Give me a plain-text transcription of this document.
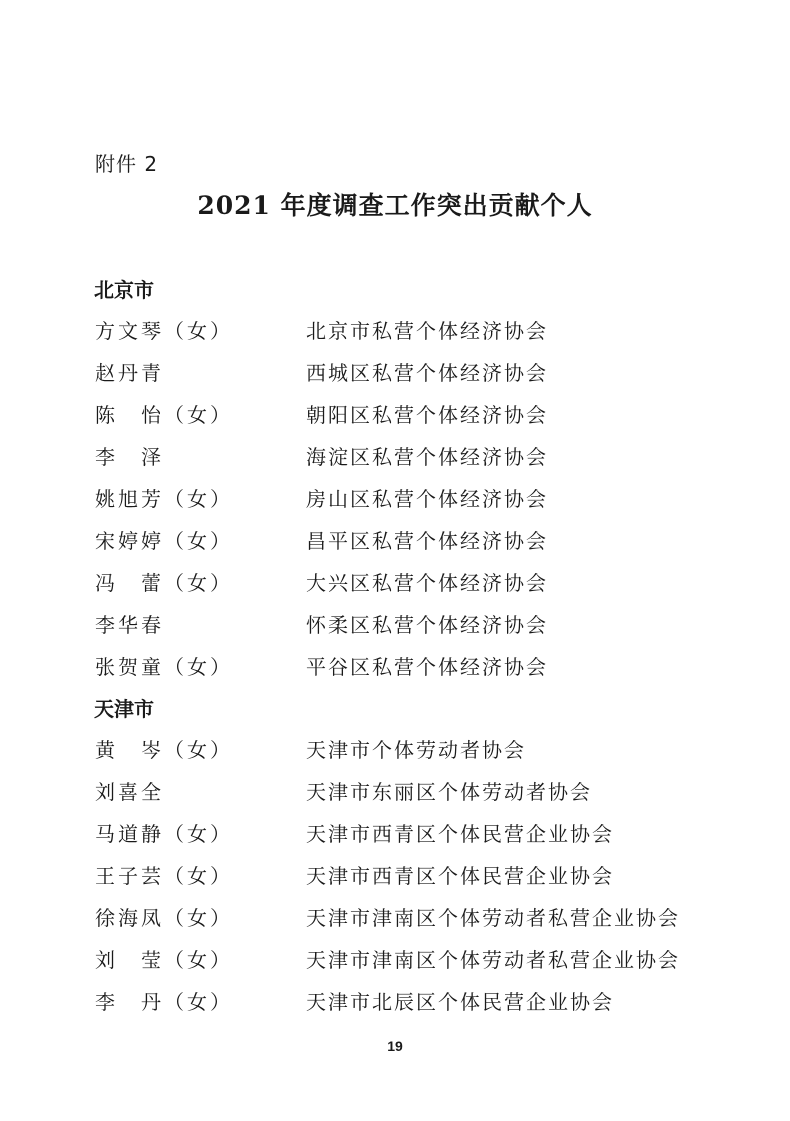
附件 2
2021 年度调查工作突出贡献个人
北京市
方文琴（女）	北京市私营个体经济协会
赵丹青	西城区私营个体经济协会
陈　怡（女）	朝阳区私营个体经济协会
李　泽	海淀区私营个体经济协会
姚旭芳（女）	房山区私营个体经济协会
宋婷婷（女）	昌平区私营个体经济协会
冯　蕾（女）	大兴区私营个体经济协会
李华春	怀柔区私营个体经济协会
张贺童（女）	平谷区私营个体经济协会
天津市
黄　岑（女）	天津市个体劳动者协会
刘喜全	天津市东丽区个体劳动者协会
马道静（女）	天津市西青区个体民营企业协会
王子芸（女）	天津市西青区个体民营企业协会
徐海凤（女）	天津市津南区个体劳动者私营企业协会
刘　莹（女）	天津市津南区个体劳动者私营企业协会
李　丹（女）	天津市北辰区个体民营企业协会
19
